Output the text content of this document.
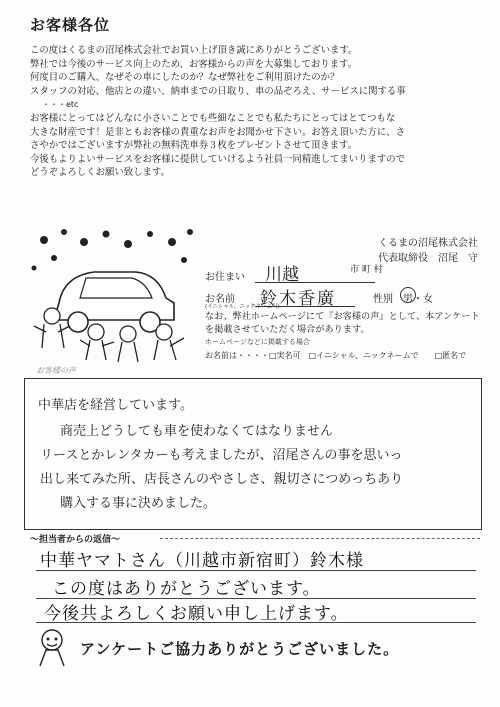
お客様各位
この度はくるまの沼尾株式会社でお買い上げ頂き誠にありがとうございます。
弊社では今後のサービス向上のため、お客様からの声を大募集しております。
何度目のご購入、なぜその車にしたのか？なぜ弊社をご利用頂けたのか？
スタッフの対応、他店との違い、納車までの日取り、車の品ぞろえ、サービスに関する事
・・・etc
お客様にとってはどんなに小さいことでも些細なことでも私たちにとってはとてつもな
大きな財産です！是非ともお客様の貴重なお声をお聞かせ下さい。お答え頂いた方に、さ
さやかではございますが弊社の無料洗車券３枚をプレゼントさせて頂きます。
今後もよりよいサービスをお客様に提供していけるよう社員一同精進してまいりますので
どうぞよろしくお願い致します。
くるまの沼尾株式会社
代表取締役　沼尾　守
お住まい 川越	市 町 村
お名前
(イニシャル、ニックネーム可)
鈴木香廣	性別 男・女
なお、弊社ホームページにて『お客様の声』として、本アンケートを掲載させていただく場合があります。
ホームページなどに掲載する場合
お名前は・・・・□実名可　□イニシャル、ニックネームで　　□匿名で
お客様の声
中華店を経営しています。
商売上どうしても車を使わなくてはなりません
リースとかレンタカーも考えましたが、沼尾さんの事を思いっ
出し来てみた所、店長さんのやさしさ、親切さにつめっちあり
購入する事に決めました。
〜担当者からの返信〜
中華ヤマトさん（川越市新宿町）鈴木様
この度はありがとうございます。
今後共よろしくお願い申し上げます。
アンケートご協力ありがとうございました。
